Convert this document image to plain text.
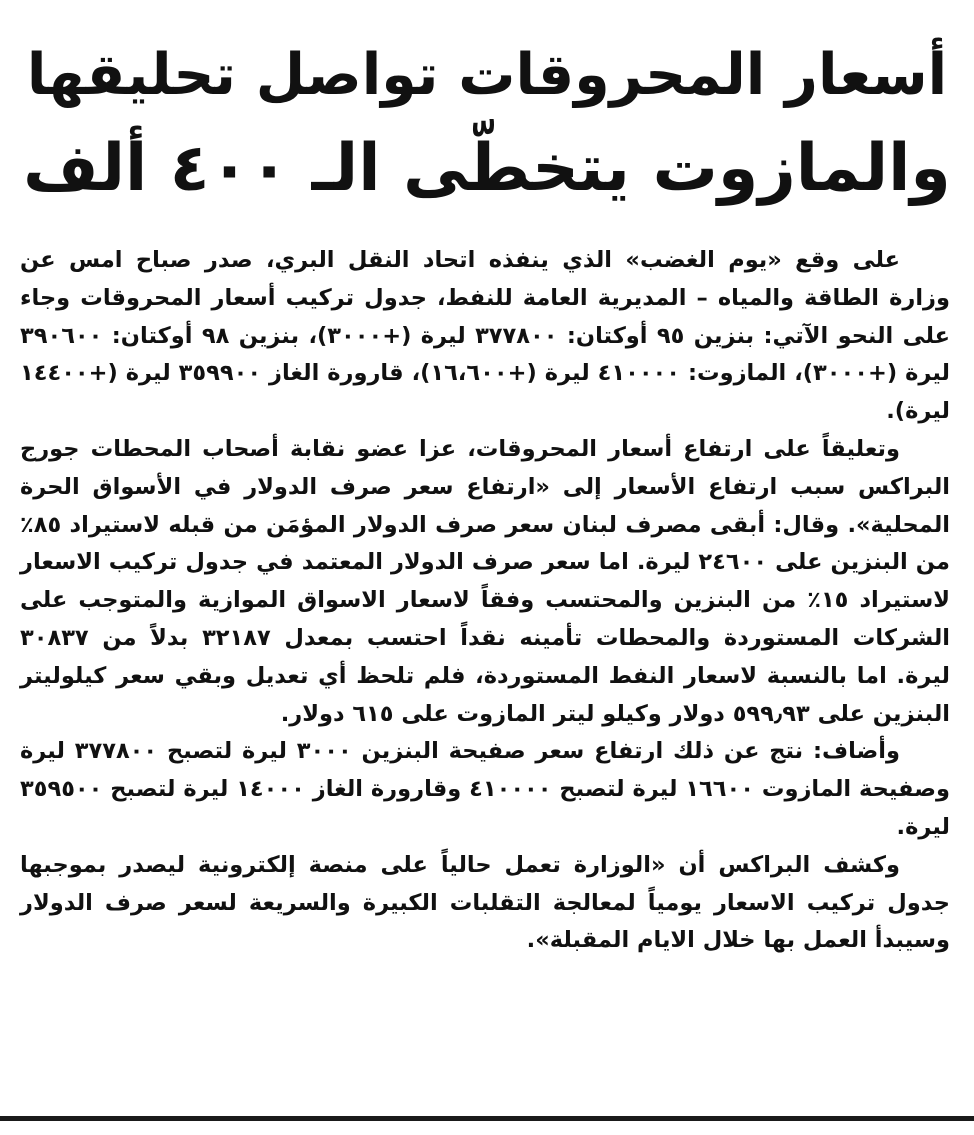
أسعار المحروقات تواصل تحليقها
والمازوت يتخطّى الـ ٤٠٠ ألف

على وقع «يوم الغضب» الذي ينفذه اتحاد النقل البري، صدر صباح امس عن وزارة الطاقة والمياه – المديرية العامة للنفط، جدول تركيب أسعار المحروقات وجاء على النحو الآتي: بنزين ٩٥ أوكتان: ٣٧٧٨٠٠ ليرة (+٣٠٠٠)، بنزين ٩٨ أوكتان: ٣٩٠٦٠٠ ليرة (+٣٠٠٠)، المازوت: ٤١٠٠٠٠ ليرة (+١٦،٦٠٠)، قارورة الغاز ٣٥٩٩٠٠ ليرة (+١٤٤٠٠ ليرة).

وتعليقاً على ارتفاع أسعار المحروقات، عزا عضو نقابة أصحاب المحطات جورج البراكس سبب ارتفاع الأسعار إلى «ارتفاع سعر صرف الدولار في الأسواق الحرة المحلية». وقال: أبقى مصرف لبنان سعر صرف الدولار المؤمَن من قبله لاستيراد ٨٥٪ من البنزين على ٢٤٦٠٠ ليرة. اما سعر صرف الدولار المعتمد في جدول تركيب الاسعار لاستيراد ١٥٪ من البنزين والمحتسب وفقاً لاسعار الاسواق الموازية والمتوجب على الشركات المستوردة والمحطات تأمينه نقداً احتسب بمعدل ٣٢١٨٧ بدلاً من ٣٠٨٣٧ ليرة. اما بالنسبة لاسعار النفط المستوردة، فلم تلحظ أي تعديل وبقي سعر كيلوليتر البنزين على ٥٩٩٫٩٣ دولار وكيلو ليتر المازوت على ٦١٥ دولار.

وأضاف: نتج عن ذلك ارتفاع سعر صفيحة البنزين ٣٠٠٠ ليرة لتصبح ٣٧٧٨٠٠ ليرة وصفيحة المازوت ١٦٦٠٠ ليرة لتصبح ٤١٠٠٠٠ وقارورة الغاز ١٤٠٠٠ ليرة لتصبح ٣٥٩٥٠٠ ليرة.

وكشف البراكس أن «الوزارة تعمل حالياً على منصة إلكترونية ليصدر بموجبها جدول تركيب الاسعار يومياً لمعالجة التقلبات الكبيرة والسريعة لسعر صرف الدولار وسيبدأ العمل بها خلال الايام المقبلة».
